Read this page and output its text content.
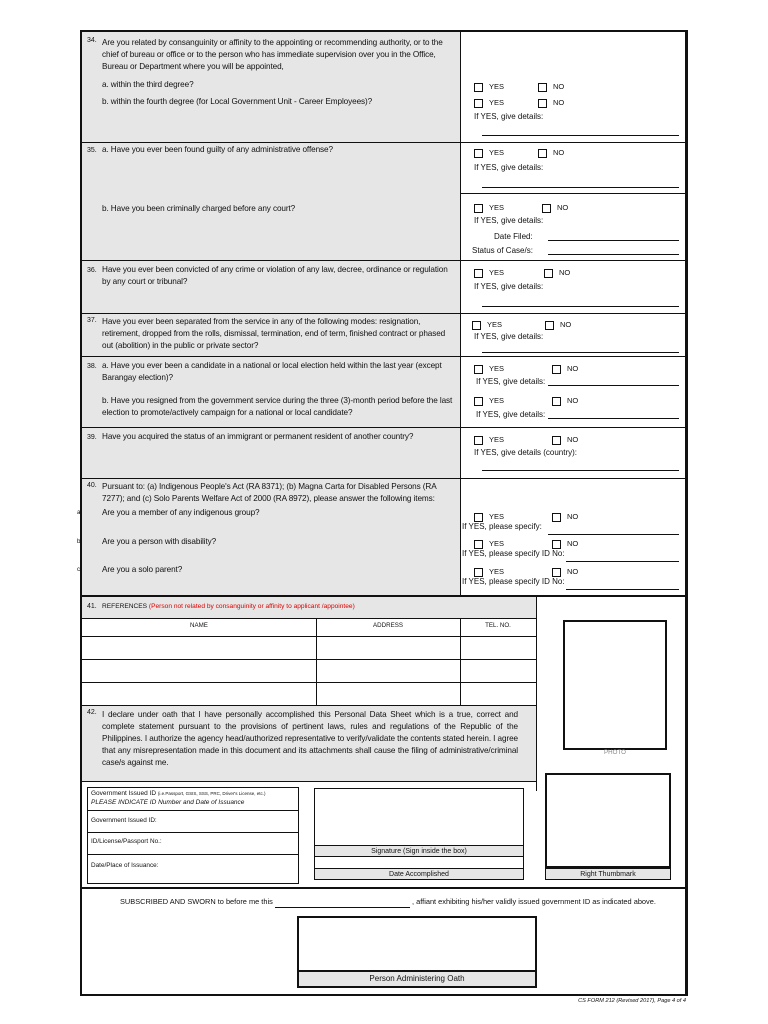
34. Are you related by consanguinity or affinity to the appointing or recommending authority, or to the chief of bureau or office or to the person who has immediate supervision over you in the Office, Bureau or Department where you will be appointed,
a. within the third degree?
b. within the fourth degree (for Local Government Unit - Career Employees)?
YES	NO
YES	NO
If YES, give details:
35. a. Have you ever been found guilty of any administrative offense?	YES	NO
If YES, give details:
b. Have you been criminally charged before any court?	YES	NO
If YES, give details:
Date Filed:
Status of Case/s:
36. Have you ever been convicted of any crime or violation of any law, decree, ordinance or regulation by any court or tribunal?
YES	NO
If YES, give details:
37. Have you ever been separated from the service in any of the following modes: resignation, retirement, dropped from the rolls, dismissal, termination, end of term, finished contract or phased out (abolition) in the public or private sector?
YES	NO
If YES, give details:
38. a. Have you ever been a candidate in a national or local election held within the last year (except Barangay election)?
b. Have you resigned from the government service during the three (3)-month period before the last election to promote/actively campaign for a national or local candidate?
YES	NO
If YES, give details:
YES	NO
If YES, give details:
39. Have you acquired the status of an immigrant or permanent resident of another country?	YES	NO
If YES, give details (country):
40. Pursuant to: (a) Indigenous People's Act (RA 8371); (b) Magna Carta for Disabled Persons (RA 7277); and (c) Solo Parents Welfare Act of 2000 (RA 8972), please answer the following items:
a. Are you a member of any indigenous group?	YES	NO
If YES, please specify:
b. Are you a person with disability?	YES	NO
If YES, please specify ID No:
c. Are you a solo parent?	YES	NO
If YES, please specify ID No:
41. REFERENCES (Person not related by consanguinity or affinity to applicant /appointee)
NAME	ADDRESS	TEL. NO.
PHOTO
42. I declare under oath that I have personally accomplished this Personal Data Sheet which is a true, correct and complete statement pursuant to the provisions of pertinent laws, rules and regulations of the Republic of the Philippines. I authorize the agency head/authorized representative to verify/validate the contents stated herein. I agree that any misrepresentation made in this document and its attachments shall cause the filing of administrative/criminal case/s against me.
Government Issued ID (i.e.Passport, GSIS, SSS, PRC, Driver's License, etc.)
PLEASE INDICATE ID Number and Date of Issuance
Government Issued ID:
ID/License/Passport No.:
Date/Place of Issuance:
Signature (Sign inside the box)
Date Accomplished	Right Thumbmark
SUBSCRIBED AND SWORN to before me this	, affiant exhibiting his/her validly issued government ID as indicated above.
Person Administering Oath
CS FORM 212 (Revised 2017), Page 4 of 4
